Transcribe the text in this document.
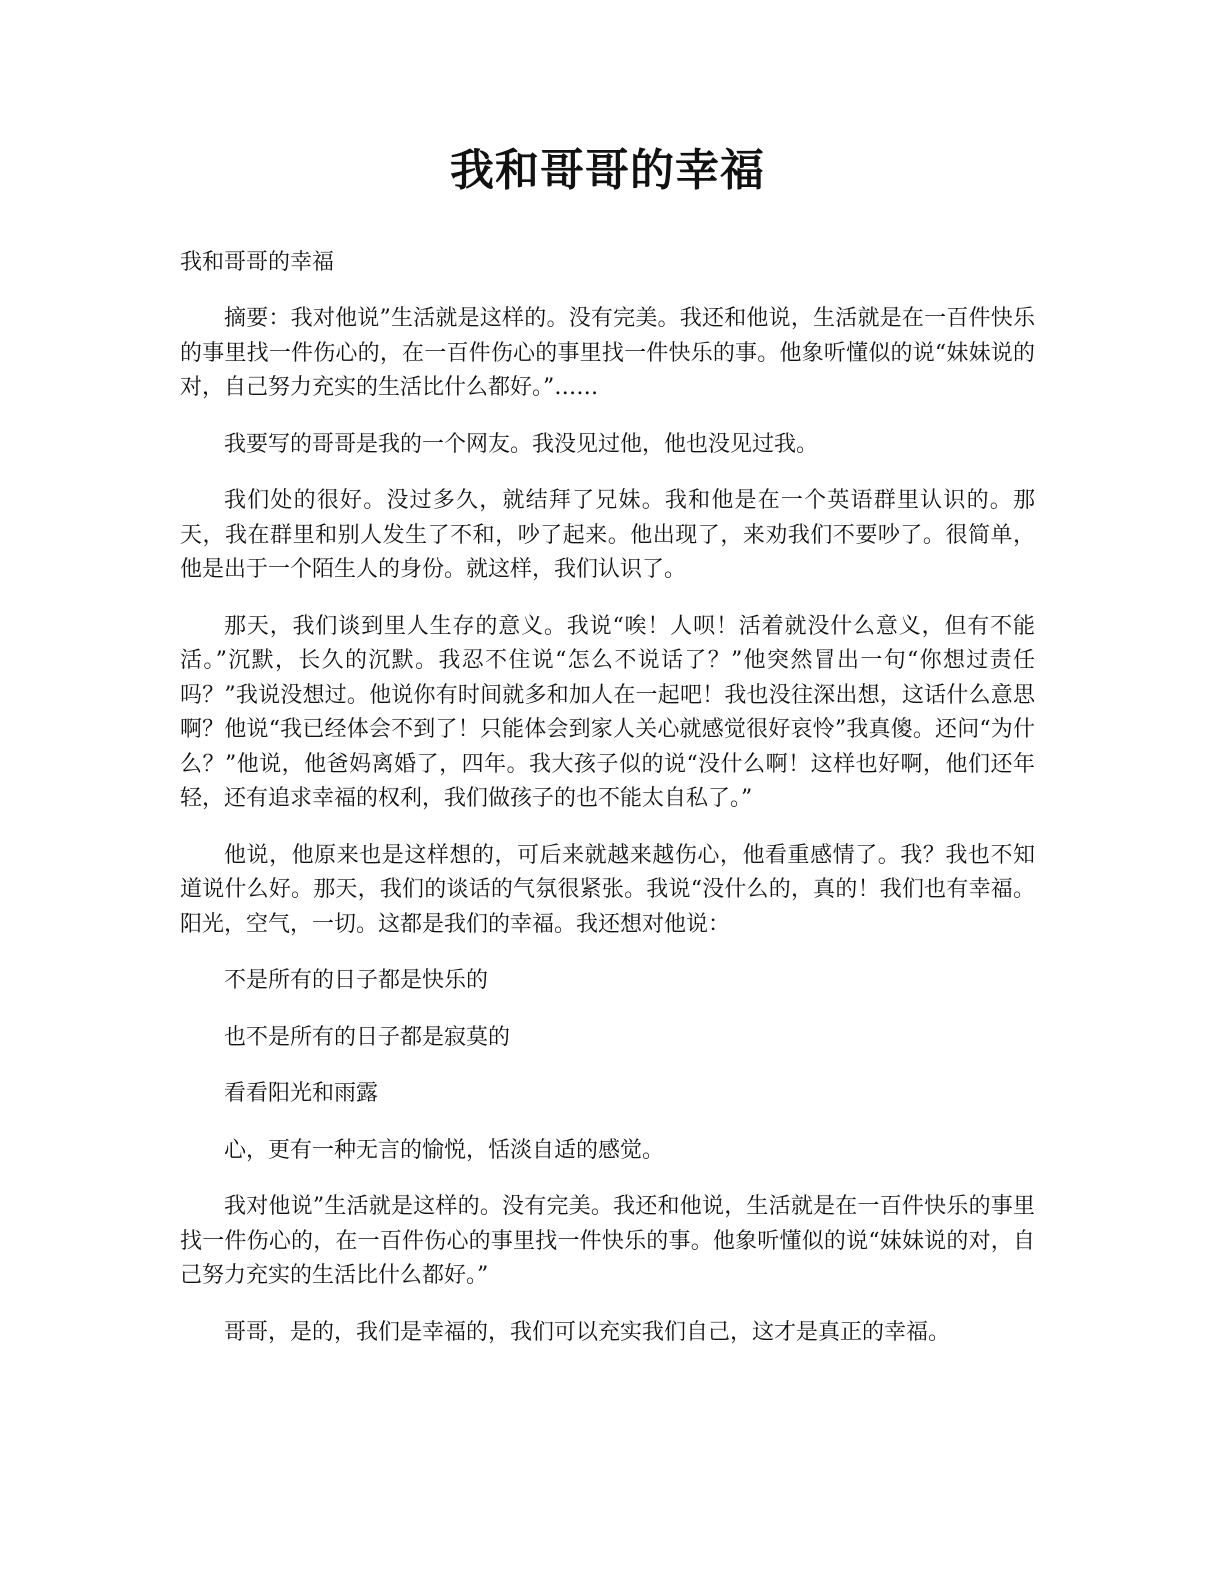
我和哥哥的幸福

我和哥哥的幸福

摘要：我对他说”生活就是这样的。没有完美。我还和他说，生活就是在一百件快乐的事里找一件伤心的，在一百件伤心的事里找一件快乐的事。他象听懂似的说“妹妹说的对，自己努力充实的生活比什么都好。”……

我要写的哥哥是我的一个网友。我没见过他，他也没见过我。

我们处的很好。没过多久，就结拜了兄妹。我和他是在一个英语群里认识的。那天，我在群里和别人发生了不和，吵了起来。他出现了，来劝我们不要吵了。很简单，他是出于一个陌生人的身份。就这样，我们认识了。

那天，我们谈到里人生存的意义。我说“唉！人呗！活着就没什么意义，但有不能活。”沉默，长久的沉默。我忍不住说“怎么不说话了？”他突然冒出一句“你想过责任吗？”我说没想过。他说你有时间就多和加人在一起吧！我也没往深出想，这话什么意思啊？他说“我已经体会不到了！只能体会到家人关心就感觉很好哀怜”我真傻。还问“为什么？”他说，他爸妈离婚了，四年。我大孩子似的说“没什么啊！这样也好啊，他们还年轻，还有追求幸福的权利，我们做孩子的也不能太自私了。”

他说，他原来也是这样想的，可后来就越来越伤心，他看重感情了。我？我也不知道说什么好。那天，我们的谈话的气氛很紧张。我说“没什么的，真的！我们也有幸福。阳光，空气，一切。这都是我们的幸福。我还想对他说：

不是所有的日子都是快乐的

也不是所有的日子都是寂莫的

看看阳光和雨露

心，更有一种无言的愉悦，恬淡自适的感觉。

我对他说”生活就是这样的。没有完美。我还和他说，生活就是在一百件快乐的事里找一件伤心的，在一百件伤心的事里找一件快乐的事。他象听懂似的说“妹妹说的对，自己努力充实的生活比什么都好。”

哥哥，是的，我们是幸福的，我们可以充实我们自己，这才是真正的幸福。
